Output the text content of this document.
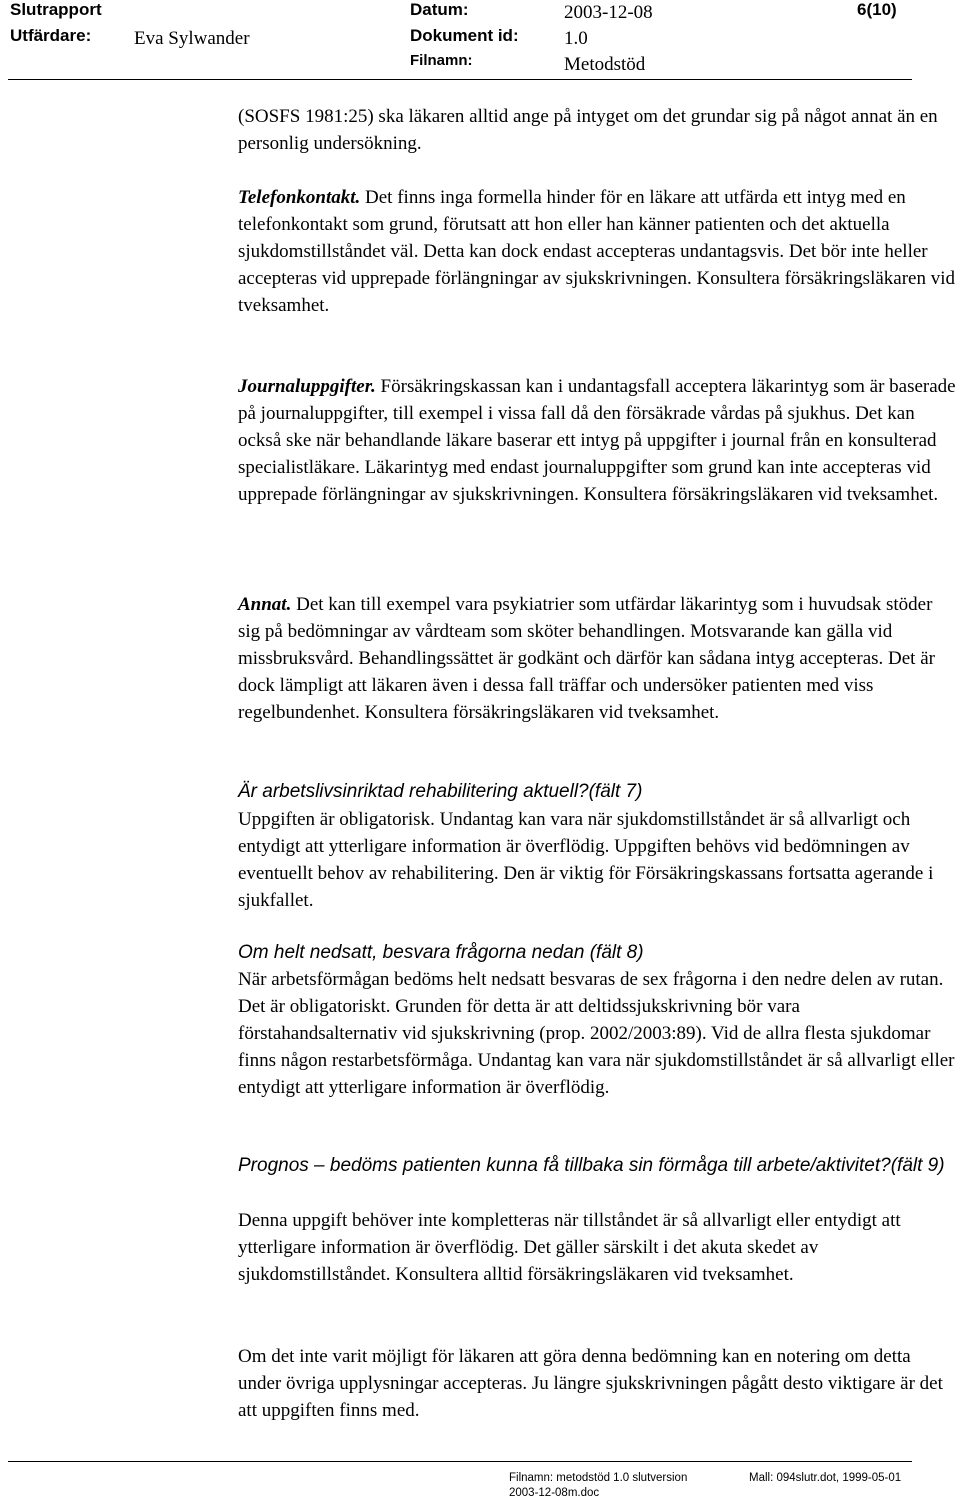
Slutrapport
Utfärdare: Eva Sylwander
Datum:	2003-12-08
Dokument id: 1.0
Filnamn:	Metodstöd
6(10)

(SOSFS 1981:25) ska läkaren alltid ange på intyget om det grundar sig på något annat än en personlig undersökning.

Telefonkontakt. Det finns inga formella hinder för en läkare att utfärda ett intyg med en telefonkontakt som grund, förutsatt att hon eller han känner patienten och det aktuella sjukdomstillståndet väl. Detta kan dock endast accepteras undantagsvis. Det bör inte heller accepteras vid upprepade förlängningar av sjukskrivningen. Konsultera försäkringsläkaren vid tveksamhet.

Journaluppgifter. Försäkringskassan kan i undantagsfall acceptera läkarintyg som är baserade på journaluppgifter, till exempel i vissa fall då den försäkrade vårdas på sjukhus. Det kan också ske när behandlande läkare baserar ett intyg på uppgifter i journal från en konsulterad specialistläkare. Läkarintyg med endast journaluppgifter som grund kan inte accepteras vid upprepade förlängningar av sjukskrivningen. Konsultera försäkringsläkaren vid tveksamhet.

Annat. Det kan till exempel vara psykiatrier som utfärdar läkarintyg som i huvudsak stöder sig på bedömningar av vårdteam som sköter behandlingen. Motsvarande kan gälla vid missbruksvård. Behandlingssättet är godkänt och därför kan sådana intyg accepteras. Det är dock lämpligt att läkaren även i dessa fall träffar och undersöker patienten med viss regelbundenhet. Konsultera försäkringsläkaren vid tveksamhet.

Är arbetslivsinriktad rehabilitering aktuell?(fält 7)

Uppgiften är obligatorisk. Undantag kan vara när sjukdomstillståndet är så allvarligt och entydigt att ytterligare information är överflödig. Uppgiften behövs vid bedömningen av eventuellt behov av rehabilitering. Den är viktig för Försäkringskassans fortsatta agerande i sjukfallet.

Om helt nedsatt, besvara frågorna nedan (fält 8)

När arbetsförmågan bedöms helt nedsatt besvaras de sex frågorna i den nedre delen av rutan. Det är obligatoriskt. Grunden för detta är att deltidssjukskrivning bör vara förstahandsalternativ vid sjukskrivning (prop. 2002/2003:89). Vid de allra flesta sjukdomar finns någon restarbetsförmåga. Undantag kan vara när sjukdomstillståndet är så allvarligt eller entydigt att ytterligare information är överflödig.

Prognos – bedöms patienten kunna få tillbaka sin förmåga till arbete/aktivitet?(fält 9)

Denna uppgift behöver inte kompletteras när tillståndet är så allvarligt eller entydigt att ytterligare information är överflödig. Det gäller särskilt i det akuta skedet av sjukdomstillståndet. Konsultera alltid försäkringsläkaren vid tveksamhet.

Om det inte varit möjligt för läkaren att göra denna bedömning kan en notering om detta under övriga upplysningar accepteras. Ju längre sjukskrivningen pågått desto viktigare är det att uppgiften finns med.

Filnamn: metodstöd 1.0 slutversion
2003-12-08m.doc
Mall: 094slutr.dot, 1999-05-01
